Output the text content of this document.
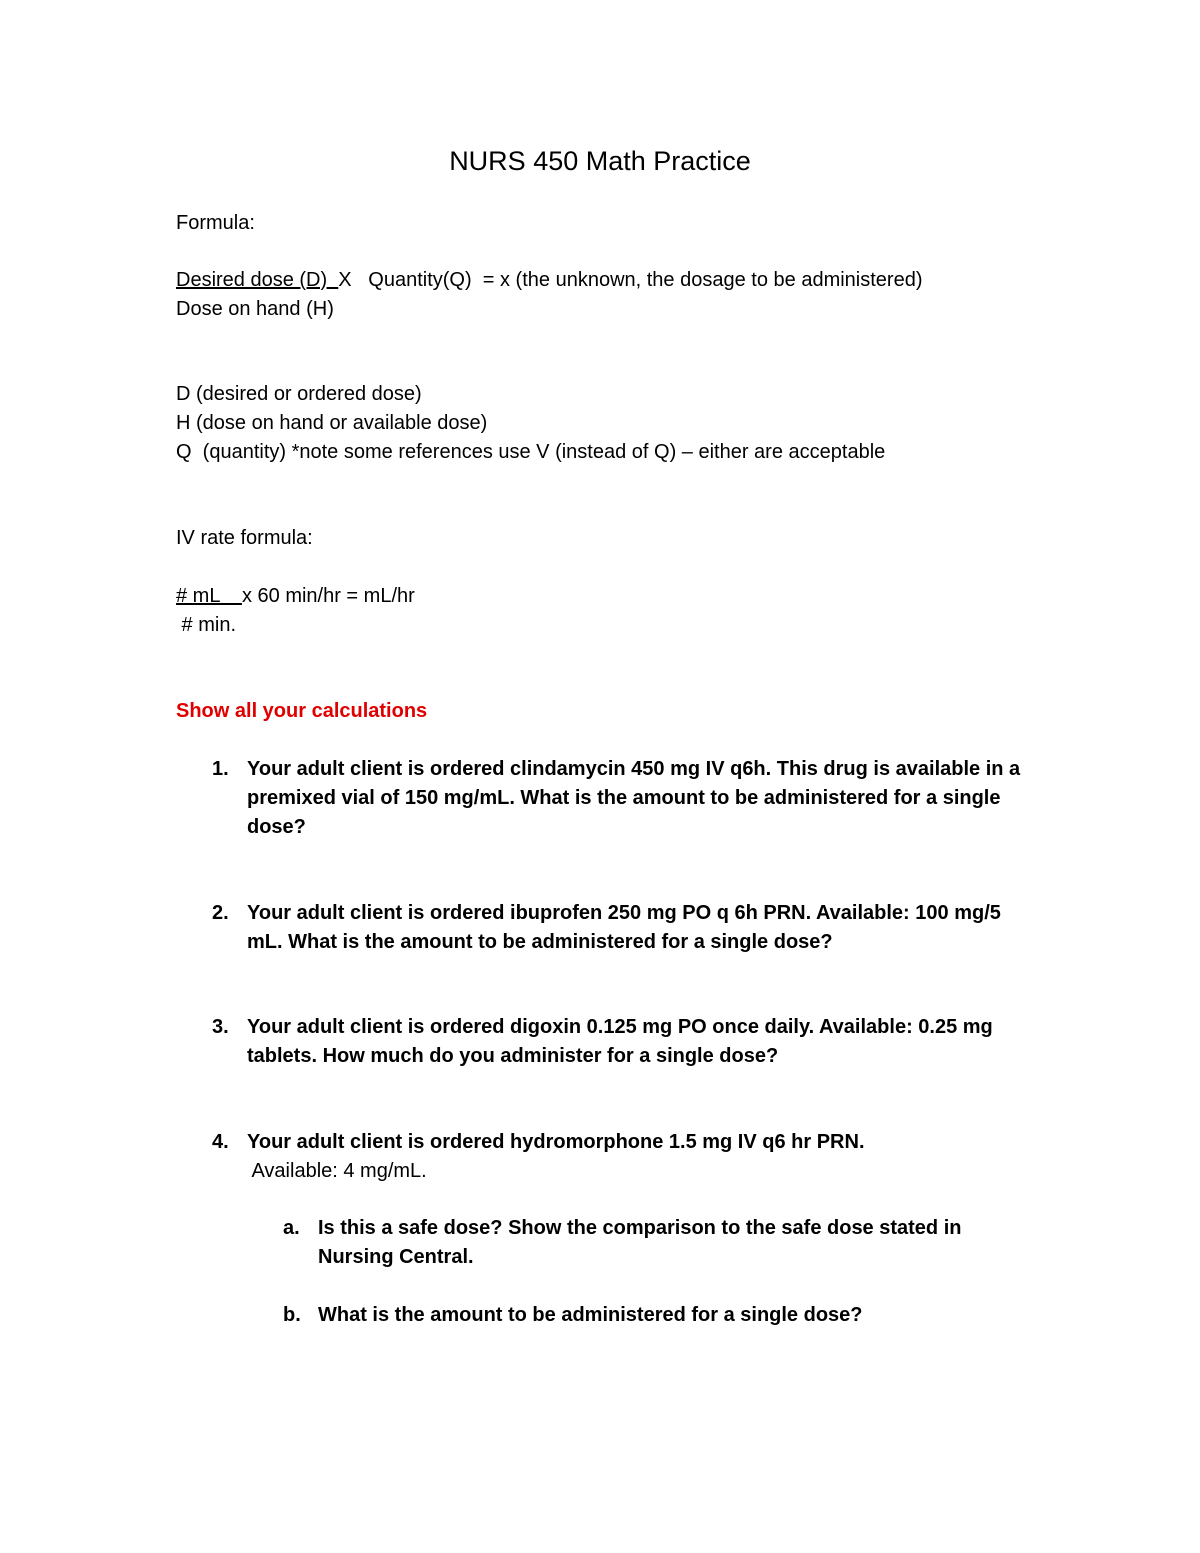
NURS 450 Math Practice
Formula:
Desired dose (D)  X   Quantity(Q)  = x (the unknown, the dosage to be administered)
Dose on hand (H)
D (desired or ordered dose)
H (dose on hand or available dose)
Q  (quantity) *note some references use V (instead of Q) – either are acceptable
IV rate formula:
# mL    x 60 min/hr = mL/hr
# min.
Show all your calculations
1. Your adult client is ordered clindamycin 450 mg IV q6h. This drug is available in a premixed vial of 150 mg/mL. What is the amount to be administered for a single dose?
2. Your adult client is ordered ibuprofen 250 mg PO q 6h PRN. Available: 100 mg/5 mL. What is the amount to be administered for a single dose?
3. Your adult client is ordered digoxin 0.125 mg PO once daily. Available: 0.25 mg tablets. How much do you administer for a single dose?
4. Your adult client is ordered hydromorphone 1.5 mg IV q6 hr PRN.
Available: 4 mg/mL.
a. Is this a safe dose? Show the comparison to the safe dose stated in Nursing Central.
b. What is the amount to be administered for a single dose?
